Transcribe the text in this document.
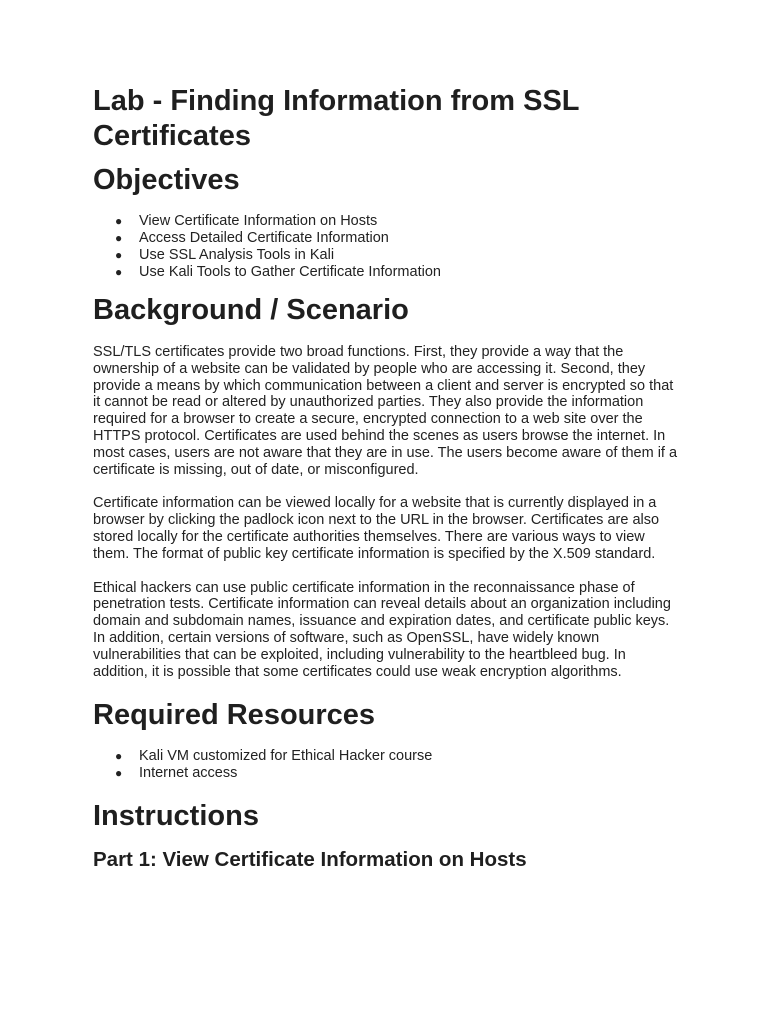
Lab - Finding Information from SSL Certificates
Objectives
● View Certificate Information on Hosts
● Access Detailed Certificate Information
● Use SSL Analysis Tools in Kali
● Use Kali Tools to Gather Certificate Information
Background / Scenario

SSL/TLS certificates provide two broad functions. First, they provide a way that the ownership of a website can be validated by people who are accessing it. Second, they provide a means by which communication between a client and server is encrypted so that it cannot be read or altered by unauthorized parties. They also provide the information required for a browser to create a secure, encrypted connection to a web site over the HTTPS protocol. Certificates are used behind the scenes as users browse the internet. In most cases, users are not aware that they are in use. The users become aware of them if a certificate is missing, out of date, or misconfigured.

Certificate information can be viewed locally for a website that is currently displayed in a browser by clicking the padlock icon next to the URL in the browser. Certificates are also stored locally for the certificate authorities themselves. There are various ways to view them. The format of public key certificate information is specified by the X.509 standard.

Ethical hackers can use public certificate information in the reconnaissance phase of penetration tests. Certificate information can reveal details about an organization including domain and subdomain names, issuance and expiration dates, and certificate public keys. In addition, certain versions of software, such as OpenSSL, have widely known vulnerabilities that can be exploited, including vulnerability to the heartbleed bug. In addition, it is possible that some certificates could use weak encryption algorithms.

Required Resources
● Kali VM customized for Ethical Hacker course
● Internet access
Instructions
Part 1: View Certificate Information on Hosts
